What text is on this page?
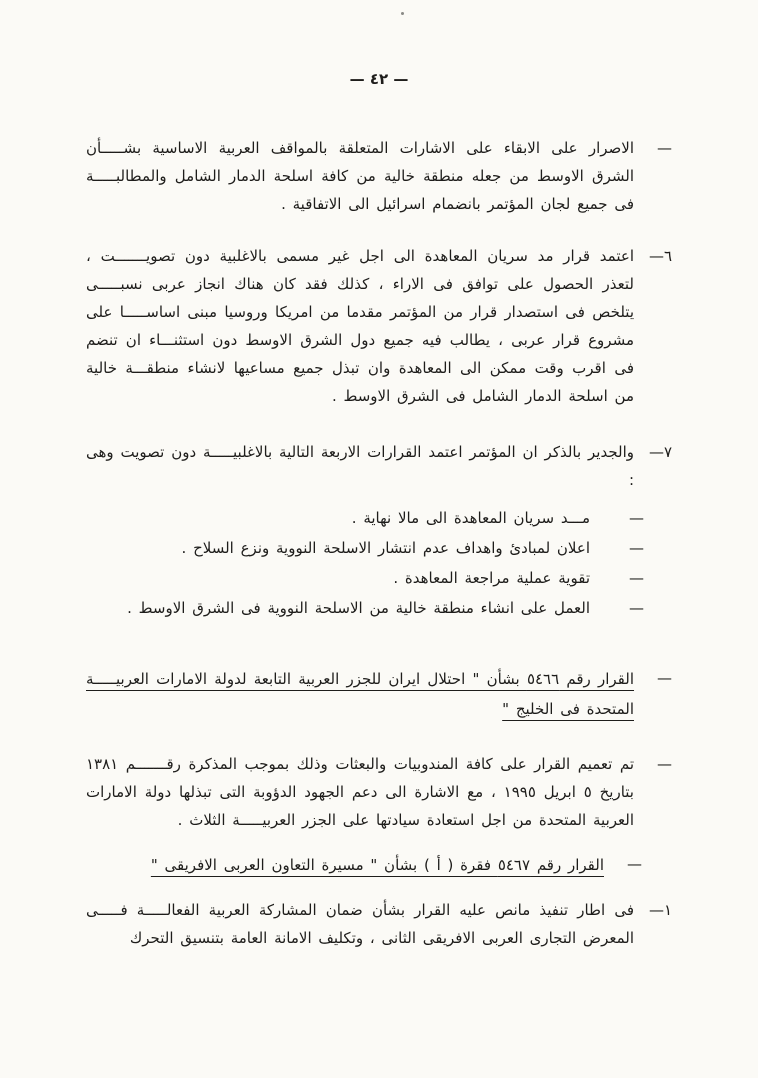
— ٤٢ —
—

الاصرار على الابقاء على الاشارات المتعلقة بالمواقف العربية الاساسية بشـــــأن الشرق الاوسط من جعله منطقة خالية من كافة اسلحة الدمار الشامل والمطالبـــــة فى جميع لجان المؤتمر بانضمام اسرائيل الى الاتفاقية .

٦—

اعتمد قرار مد سريان المعاهدة الى اجل غير مسمى بالاغلبية دون تصويـــــــت ، لتعذر الحصول على توافق فى الاراء ، كذلك فقد كان هناك انجاز عربى نسبـــــى يتلخص فى استصدار قرار من المؤتمر مقدما من امريكا وروسيا مبنى اساســـــا على مشروع قرار عربى ، يطالب فيه جميع دول الشرق الاوسط دون استثنـــاء ان تنضم فى اقرب وقت ممكن الى المعاهدة وان تبذل جميع مساعيها لانشاء منطقـــة خالية من اسلحة الدمار الشامل فى الشرق الاوسط .

٧—

والجدير بالذكر ان المؤتمر اعتمد القرارات الاربعة التالية بالاغلبيـــــة دون تصويت وهى :

—

مـــد سريان المعاهدة الى مالا نهاية .

—

اعلان لمبادئ واهداف عدم انتشار الاسلحة النووية ونزع السلاح .

—

تقوية عملية مراجعة المعاهدة .

—

العمل على انشاء منطقة خالية من الاسلحة النووية فى الشرق الاوسط .

—

القرار رقم ٥٤٦٦ بشأن " احتلال ايران للجزر العربية التابعة لدولة الامارات العربيـــــة المتحدة فى الخليج "

—

تم تعميم القرار على كافة المندوبيات والبعثات وذلك بموجب المذكرة رقـــــــم ١٣٨١ بتاريخ ٥ ابريل ١٩٩٥ ، مع الاشارة الى دعم الجهود الدؤوبة التى تبذلها دولة الامارات العربية المتحدة من اجل استعادة سيادتها على الجزر العربيـــــة الثلاث .

—

القرار رقم ٥٤٦٧ فقرة ( أ ) بشأن " مسيرة التعاون العربى الافريقى "

١—

فى اطار تنفيذ مانص عليه القرار بشأن ضمان المشاركة العربية الفعالـــــة فـــــى المعرض التجارى العربى الافريقى الثانى ، وتكليف الامانة العامة بتنسيق التحرك
